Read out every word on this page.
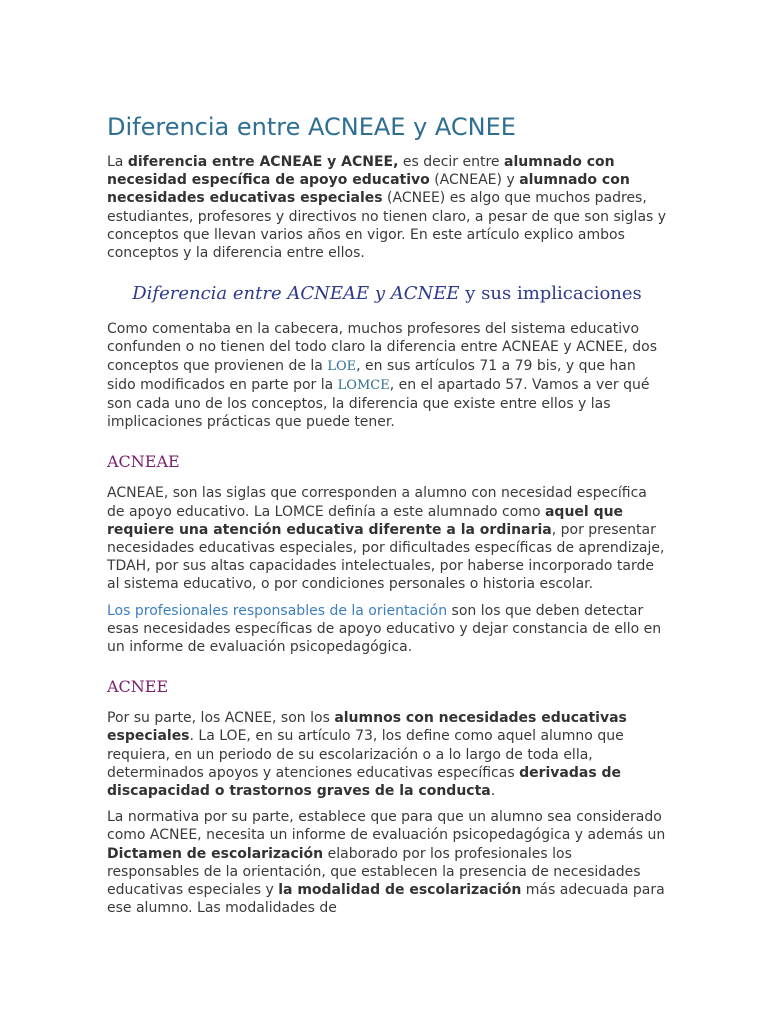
Diferencia entre ACNEAE y ACNEE

La diferencia entre ACNEAE y ACNEE, es decir entre alumnado con necesidad específica de apoyo educativo (ACNEAE) y alumnado con necesidades educativas especiales (ACNEE) es algo que muchos padres, estudiantes, profesores y directivos no tienen claro, a pesar de que son siglas y conceptos que llevan varios años en vigor. En este artículo explico ambos conceptos y la diferencia entre ellos.

Diferencia entre ACNEAE y ACNEE y sus implicaciones

Como comentaba en la cabecera, muchos profesores del sistema educativo confunden o no tienen del todo claro la diferencia entre ACNEAE y ACNEE, dos conceptos que provienen de la LOE, en sus artículos 71 a 79 bis, y que han sido modificados en parte por la LOMCE, en el apartado 57. Vamos a ver qué son cada uno de los conceptos, la diferencia que existe entre ellos y las implicaciones prácticas que puede tener.

ACNEAE

ACNEAE, son las siglas que corresponden a alumno con necesidad específica de apoyo educativo. La LOMCE definía a este alumnado como aquel que requiere una atención educativa diferente a la ordinaria, por presentar necesidades educativas especiales, por dificultades específicas de aprendizaje, TDAH, por sus altas capacidades intelectuales, por haberse incorporado tarde al sistema educativo, o por condiciones personales o historia escolar.

Los profesionales responsables de la orientación son los que deben detectar esas necesidades específicas de apoyo educativo y dejar constancia de ello en un informe de evaluación psicopedagógica.

ACNEE

Por su parte, los ACNEE, son los alumnos con necesidades educativas especiales. La LOE, en su artículo 73, los define como aquel alumno que requiera, en un periodo de su escolarización o a lo largo de toda ella, determinados apoyos y atenciones educativas específicas derivadas de discapacidad o trastornos graves de la conducta.

La normativa por su parte, establece que para que un alumno sea considerado como ACNEE, necesita un informe de evaluación psicopedagógica y además un Dictamen de escolarización elaborado por los profesionales los responsables de la orientación, que establecen la presencia de necesidades educativas especiales y la modalidad de escolarización más adecuada para ese alumno. Las modalidades de
